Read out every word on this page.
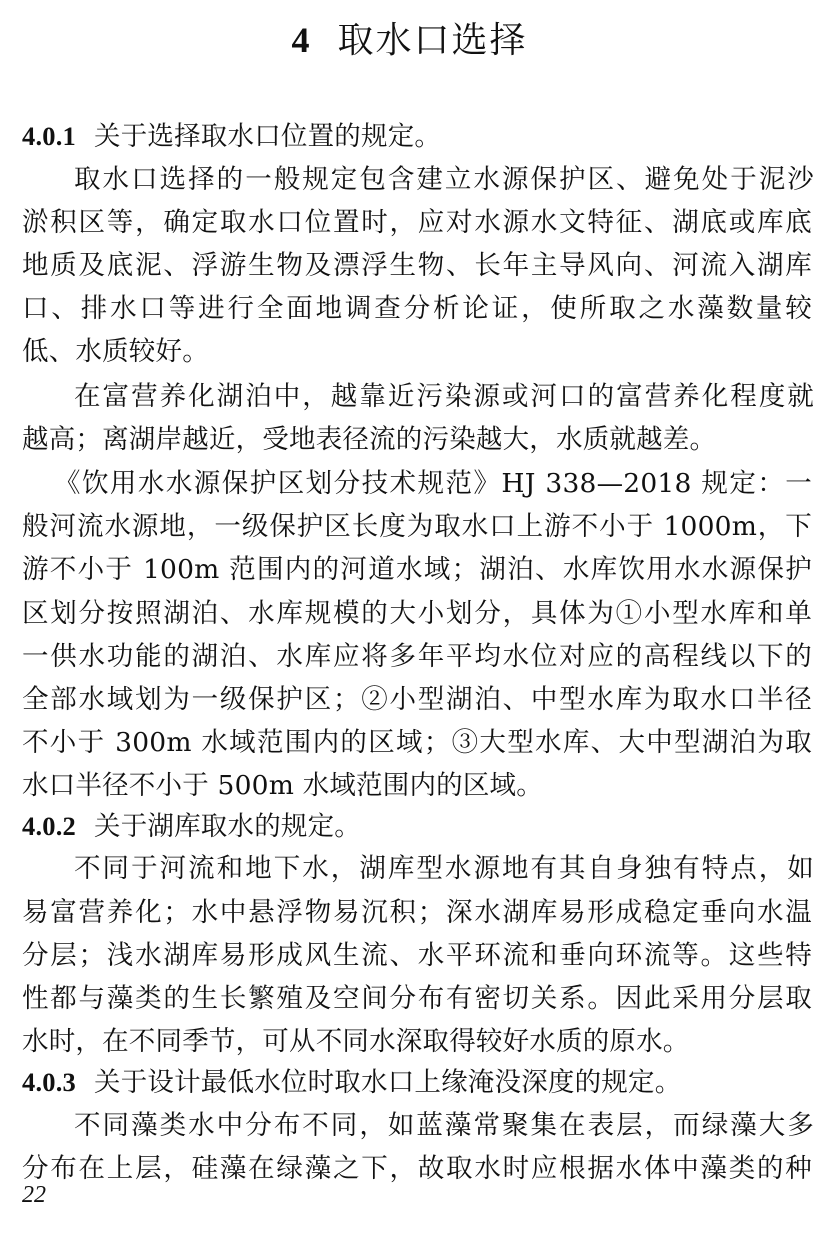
4 取水口选择
4.0.1 关于选择取水口位置的规定。
取水口选择的一般规定包含建立水源保护区、避免处于泥沙
淤积区等，确定取水口位置时，应对水源水文特征、湖底或库底
地质及底泥、浮游生物及漂浮生物、长年主导风向、河流入湖库
口、排水口等进行全面地调查分析论证，使所取之水藻数量较
低、水质较好。
在富营养化湖泊中，越靠近污染源或河口的富营养化程度就
越高；离湖岸越近，受地表径流的污染越大，水质就越差。
《饮用水水源保护区划分技术规范》HJ 338—2018 规定：一
般河流水源地，一级保护区长度为取水口上游不小于 1000m，下
游不小于 100m 范围内的河道水域；湖泊、水库饮用水水源保护
区划分按照湖泊、水库规模的大小划分，具体为①小型水库和单
一供水功能的湖泊、水库应将多年平均水位对应的高程线以下的
全部水域划为一级保护区；②小型湖泊、中型水库为取水口半径
不小于 300m 水域范围内的区域；③大型水库、大中型湖泊为取
水口半径不小于 500m 水域范围内的区域。
4.0.2 关于湖库取水的规定。
不同于河流和地下水，湖库型水源地有其自身独有特点，如
易富营养化；水中悬浮物易沉积；深水湖库易形成稳定垂向水温
分层；浅水湖库易形成风生流、水平环流和垂向环流等。这些特
性都与藻类的生长繁殖及空间分布有密切关系。因此采用分层取
水时，在不同季节，可从不同水深取得较好水质的原水。
4.0.3 关于设计最低水位时取水口上缘淹没深度的规定。
不同藻类水中分布不同，如蓝藻常聚集在表层，而绿藻大多
分布在上层，硅藻在绿藻之下，故取水时应根据水体中藻类的种
22
